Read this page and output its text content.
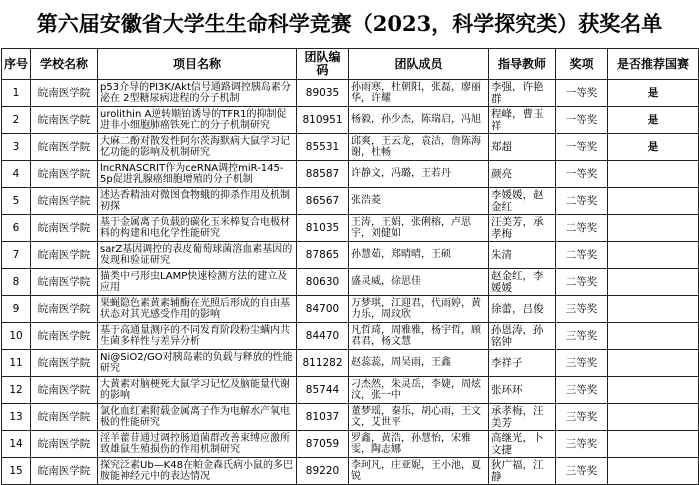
第六届安徽省大学生生命科学竞赛（2023，科学探究类）获奖名单
序号	学校名称	项目名称	团队编码	团队成员	指导教师	奖项	是否推荐国赛
1	皖南医学院	p53介导的PI3K/Akt信号通路调控胰岛素分泌在 2型糖尿病进程的分子机制	89035	孙雨寒，杜朝阳，张磊，廖丽华，许耀	李强，许艳群	一等奖	是
2	皖南医学院	urolithin A逆转顺铂诱导的TFR1的抑制促进非小细胞肺癌铁死亡的分子机制研究	810951	杨毅，孙少杰，陈瑞启，冯旭	程峰，曹玉祥	一等奖	是
3	皖南医学院	大麻二酚对散发性阿尔茨海默病大鼠学习记忆功能的影响及机制研究	85531	邱爽，王云龙，袁洁，詹陈海谢，杜畅	郑超	一等奖	是
4	皖南医学院	lncRNASCRIT作为ceRNA调控miR-145-5p促进乳腺癌细胞增殖的分子机制	88587	许静文，冯璐，王若丹	颜亮	一等奖	
5	皖南医学院	述达香精油对微图食物蛾的抑杀作用及机制初探	86567	张浩菱	李媛媛，赵金红	二等奖	
6	皖南医学院	基于金属离子负载的碳化玉米棒复合电极材料的构建和电化学性能研究	81035	王涛，王娟，张俐榕，卢思宇，刘健如	汪美芳，承孝梅	二等奖	
7	皖南医学院	sarZ基因调控的表皮葡萄球菌溶血素基因的发现和验证研究	87865	孙慧茹，郑晴晴，王硕	朱清	二等奖	
8	皖南医学院	猫类中弓形虫LAMP快速检测方法的建立及应用	80630	盛灵威，徐思佳	赵金红，李媛媛	二等奖	
9	皖南医学院	果蝇隐色素黄素辅酶在光照后形成的自由基状态对其光感受作用的影响	84700	万梦琪，江迎君，代雨婷，黄力乐，周玟欣	徐蕾，吕俊	三等奖	
10	皖南医学院	基于高通量测序的不同发育阶段粉尘螨内共生菌多样性与差异分析	84470	凡哲琦，周雅雅，杨宇哲，顾君君，杨文慧	孙恩涛，孙铭钟	三等奖	
11	皖南医学院	Ni@SiO2/GO对胰岛素的负载与释放的性能研究	811282	赵蕊蕊，周吴雨，王鑫	李祥子	三等奖	
12	皖南医学院	大黄素对脑梗死大鼠学习记忆及脑能量代谢的影响	85744	刁杰然，朱灵岳，李婕，周炫汶，张一中	张环环	三等奖	
13	皖南医学院	氯化血红素附载金属离子作为电解水产氧电极的性能研究	81037	董梦瑶，秦乐，胡心雨，王文文，艾世平	承孝梅，汪美芳	三等奖	
14	皖南医学院	淫羊藿苷通过调控肠道菌群改善束缚应激所致雄鼠生殖损伤的作用机制研究	87059	罗鑫，黄浩，孙慧怡，宋雅雯，陶志娜	高继光，卜文捷	三等奖	
15	皖南医学院	探究泛素Ub—K48在帕金森氏病小鼠的多巴胺能神经元中的表达情况	89220	李珂凡，庄亚妮，王小池，夏锐	狄广福，江静	三等奖	
